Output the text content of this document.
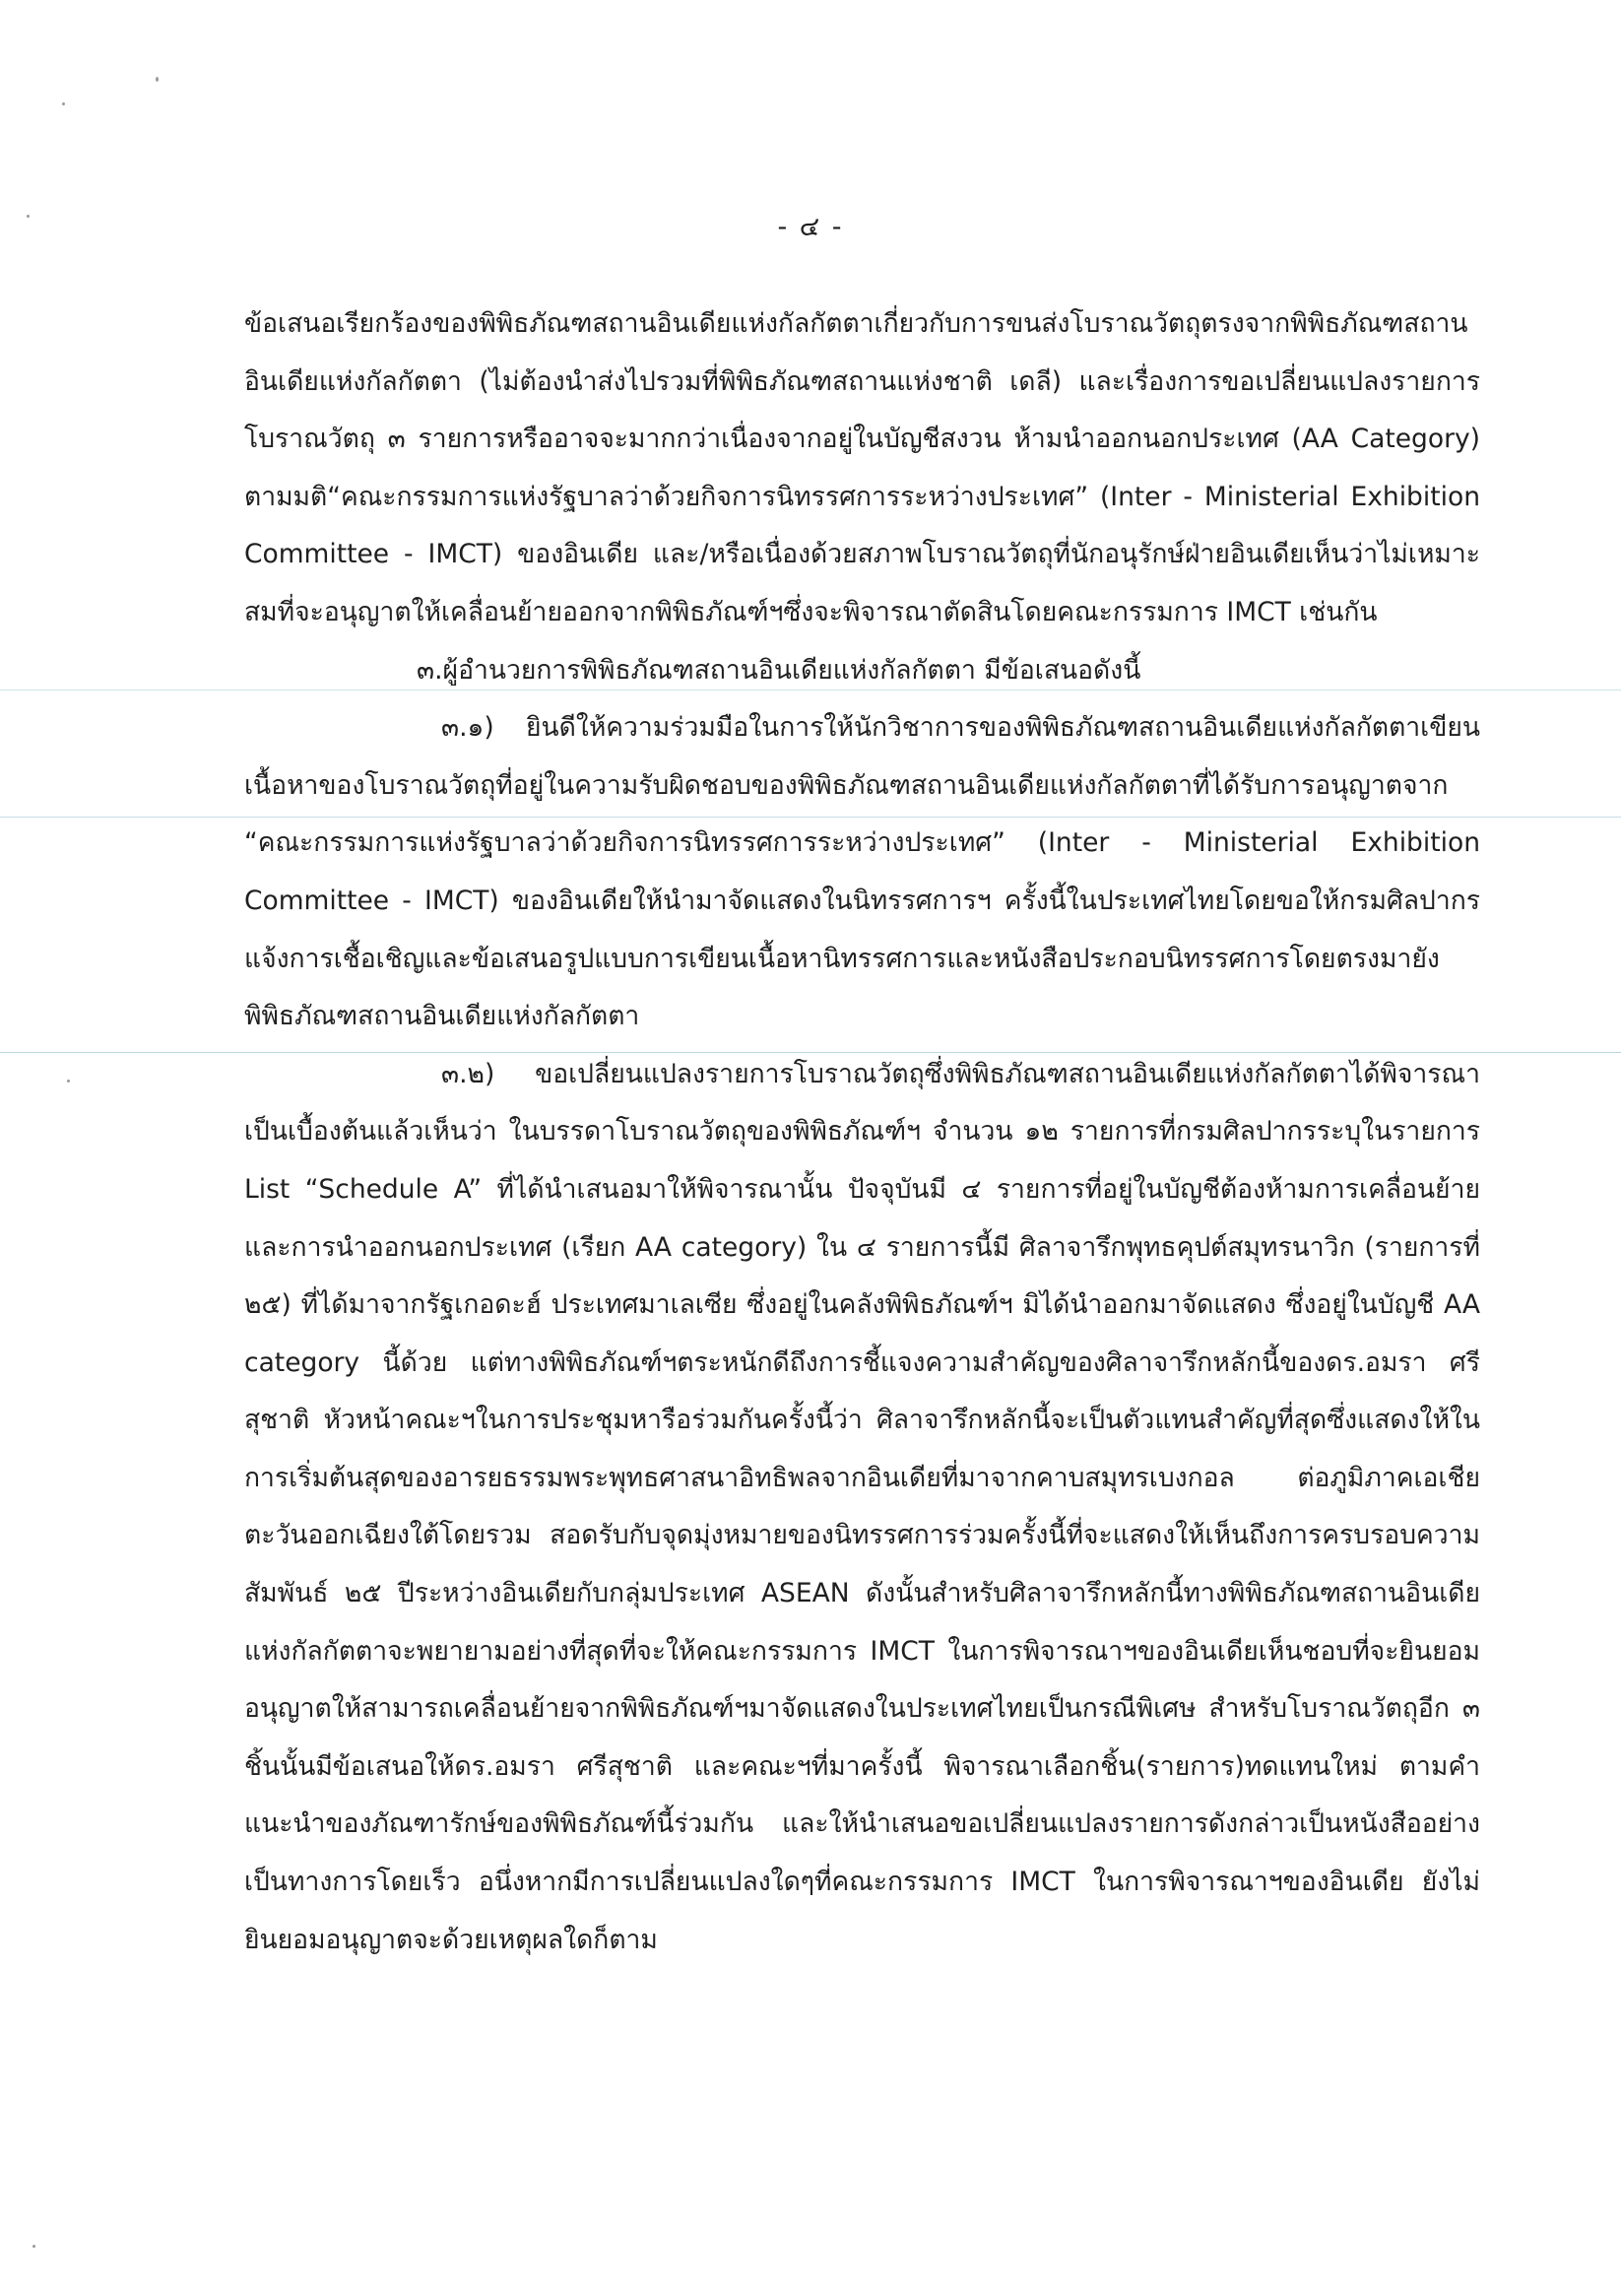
- ๔ -

ข้อเสนอเรียกร้องของพิพิธภัณฑสถานอินเดียแห่งกัลกัตตาเกี่ยวกับการขนส่งโบราณวัตถุตรงจากพิพิธภัณฑสถานอินเดียแห่งกัลกัตตา (ไม่ต้องนำส่งไปรวมที่พิพิธภัณฑสถานแห่งชาติ เดลี) และเรื่องการขอเปลี่ยนแปลงรายการโบราณวัตถุ ๓ รายการหรืออาจจะมากกว่าเนื่องจากอยู่ในบัญชีสงวน ห้ามนำออกนอกประเทศ (AA Category) ตามมติ“คณะกรรมการแห่งรัฐบาลว่าด้วยกิจการนิทรรศการระหว่างประเทศ” (Inter - Ministerial Exhibition Committee - IMCT) ของอินเดีย และ/หรือเนื่องด้วยสภาพโบราณวัตถุที่นักอนุรักษ์ฝ่ายอินเดียเห็นว่าไม่เหมาะสมที่จะอนุญาตให้เคลื่อนย้ายออกจากพิพิธภัณฑ์ฯซึ่งจะพิจารณาตัดสินโดยคณะกรรมการ IMCT เช่นกัน

๓.ผู้อำนวยการพิพิธภัณฑสถานอินเดียแห่งกัลกัตตา มีข้อเสนอดังนี้

๓.๑) ยินดีให้ความร่วมมือในการให้นักวิชาการของพิพิธภัณฑสถานอินเดียแห่งกัลกัตตาเขียนเนื้อหาของโบราณวัตถุที่อยู่ในความรับผิดชอบของพิพิธภัณฑสถานอินเดียแห่งกัลกัตตาที่ได้รับการอนุญาตจาก “คณะกรรมการแห่งรัฐบาลว่าด้วยกิจการนิทรรศการระหว่างประเทศ” (Inter - Ministerial Exhibition Committee - IMCT) ของอินเดียให้นำมาจัดแสดงในนิทรรศการฯ ครั้งนี้ในประเทศไทยโดยขอให้กรมศิลปากรแจ้งการเชื้อเชิญและข้อเสนอรูปแบบการเขียนเนื้อหานิทรรศการและหนังสือประกอบนิทรรศการโดยตรงมายังพิพิธภัณฑสถานอินเดียแห่งกัลกัตตา

๓.๒) ขอเปลี่ยนแปลงรายการโบราณวัตถุซึ่งพิพิธภัณฑสถานอินเดียแห่งกัลกัตตาได้พิจารณาเป็นเบื้องต้นแล้วเห็นว่า ในบรรดาโบราณวัตถุของพิพิธภัณฑ์ฯ จำนวน ๑๒ รายการที่กรมศิลปากรระบุในรายการ List “Schedule A” ที่ได้นำเสนอมาให้พิจารณานั้น ปัจจุบันมี ๔ รายการที่อยู่ในบัญชีต้องห้ามการเคลื่อนย้ายและการนำออกนอกประเทศ (เรียก AA category) ใน ๔ รายการนี้มี ศิลาจารึกพุทธคุปต์สมุทรนาวิก (รายการที่ ๒๕) ที่ได้มาจากรัฐเกอดะฮ์ ประเทศมาเลเซีย ซึ่งอยู่ในคลังพิพิธภัณฑ์ฯ มิได้นำออกมาจัดแสดง ซึ่งอยู่ในบัญชี AA category นี้ด้วย แต่ทางพิพิธภัณฑ์ฯตระหนักดีถึงการชี้แจงความสำคัญของศิลาจารึกหลักนี้ของดร.อมรา ศรีสุชาติ หัวหน้าคณะฯในการประชุมหารือร่วมกันครั้งนี้ว่า ศิลาจารึกหลักนี้จะเป็นตัวแทนสำคัญที่สุดซึ่งแสดงให้ในการเริ่มต้นสุดของอารยธรรมพระพุทธศาสนาอิทธิพลจากอินเดียที่มาจากคาบสมุทรเบงกอล ต่อภูมิภาคเอเชียตะวันออกเฉียงใต้โดยรวม สอดรับกับจุดมุ่งหมายของนิทรรศการร่วมครั้งนี้ที่จะแสดงให้เห็นถึงการครบรอบความสัมพันธ์ ๒๕ ปีระหว่างอินเดียกับกลุ่มประเทศ ASEAN ดังนั้นสำหรับศิลาจารึกหลักนี้ทางพิพิธภัณฑสถานอินเดียแห่งกัลกัตตาจะพยายามอย่างที่สุดที่จะให้คณะกรรมการ IMCT ในการพิจารณาฯของอินเดียเห็นชอบที่จะยินยอมอนุญาตให้สามารถเคลื่อนย้ายจากพิพิธภัณฑ์ฯมาจัดแสดงในประเทศไทยเป็นกรณีพิเศษ สำหรับโบราณวัตถุอีก ๓ ชิ้นนั้นมีข้อเสนอให้ดร.อมรา ศรีสุชาติ และคณะฯที่มาครั้งนี้ พิจารณาเลือกชิ้น(รายการ)ทดแทนใหม่ ตามคำแนะนำของภัณฑารักษ์ของพิพิธภัณฑ์นี้ร่วมกัน และให้นำเสนอขอเปลี่ยนแปลงรายการดังกล่าวเป็นหนังสืออย่างเป็นทางการโดยเร็ว อนึ่งหากมีการเปลี่ยนแปลงใดๆที่คณะกรรมการ IMCT ในการพิจารณาฯของอินเดีย ยังไม่ยินยอมอนุญาตจะด้วยเหตุผลใดก็ตาม
